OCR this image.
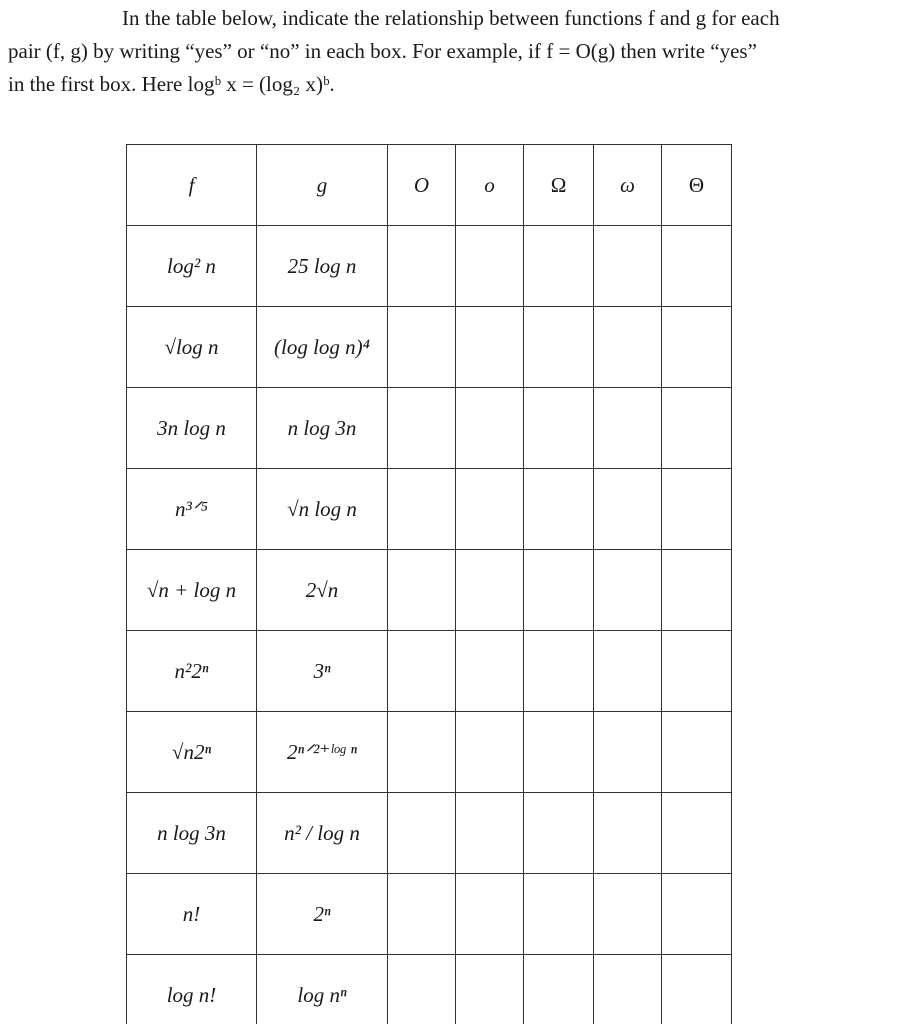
In the table below, indicate the relationship between functions f and g for each
pair (f, g) by writing “yes” or “no” in each box. For example, if f = O(g) then write “yes”
in the first box. Here logᵇ x = (log₂ x)ᵇ.
f	g	O	o	Ω	ω	Θ
log² n	25 log n					
√log n	(log log n)⁴					
3n log n	n log 3n					
n³ᐟ⁵	√n log n					
√n + log n	2√n					
n²2ⁿ	3ⁿ					
√n2ⁿ	2ⁿᐟ²⁺ˡᵒᵍ ⁿ					
n log 3n	n² / log n					
n!	2ⁿ					
log n!	log nⁿ					
